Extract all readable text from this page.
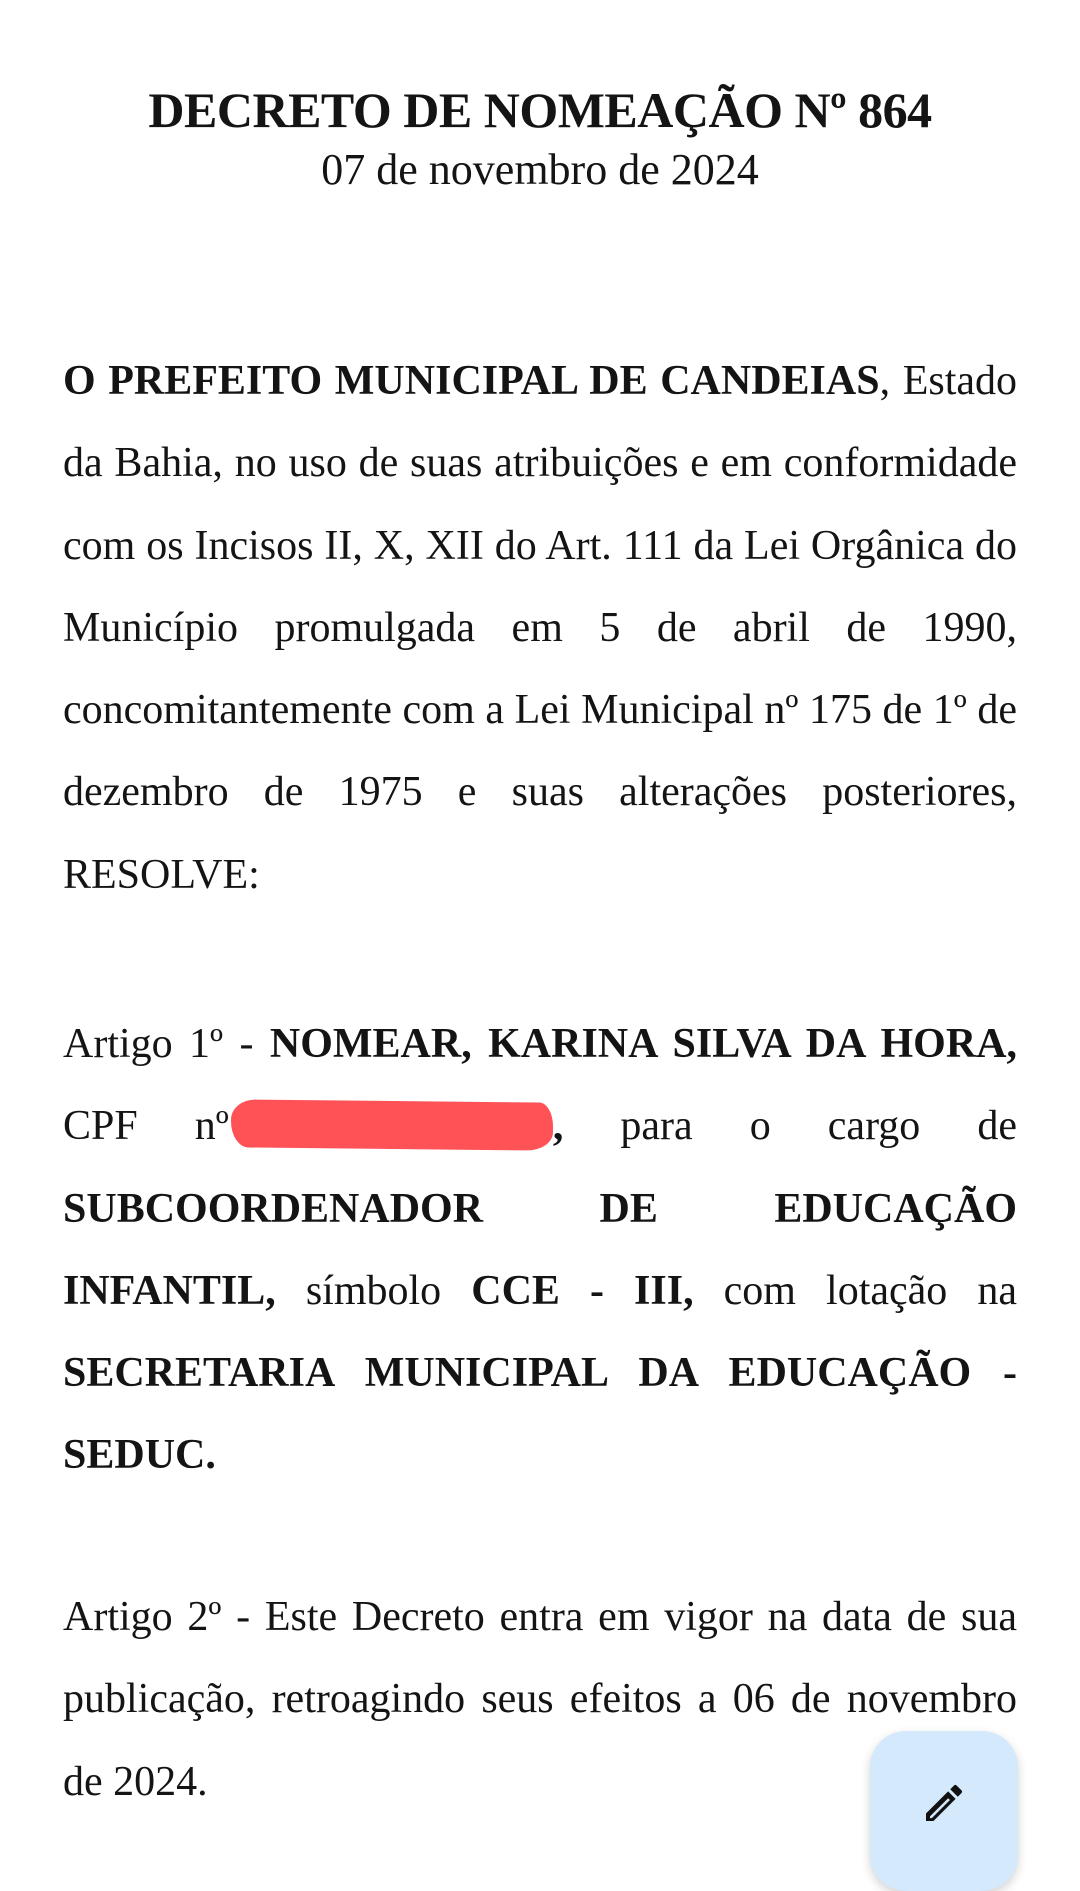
DECRETO DE NOMEAÇÃO Nº 864
07 de novembro de 2024

O PREFEITO MUNICIPAL DE CANDEIAS, Estado da Bahia, no uso de suas atribuições e em conformidade com os Incisos II, X, XII do Art. 111 da Lei Orgânica do Município promulgada em 5 de abril de 1990, concomitantemente com a Lei Municipal nº 175 de 1º de dezembro de 1975 e suas alterações posteriores, RESOLVE:

Artigo 1º - NOMEAR, KARINA SILVA DA HORA, CPF nº	, para o cargo de SUBCOORDENADOR DE EDUCAÇÃO INFANTIL, símbolo CCE - III, com lotação na SECRETARIA MUNICIPAL DA EDUCAÇÃO - SEDUC.

Artigo 2º - Este Decreto entra em vigor na data de sua publicação, retroagindo seus efeitos a 06 de novembro de 2024.
